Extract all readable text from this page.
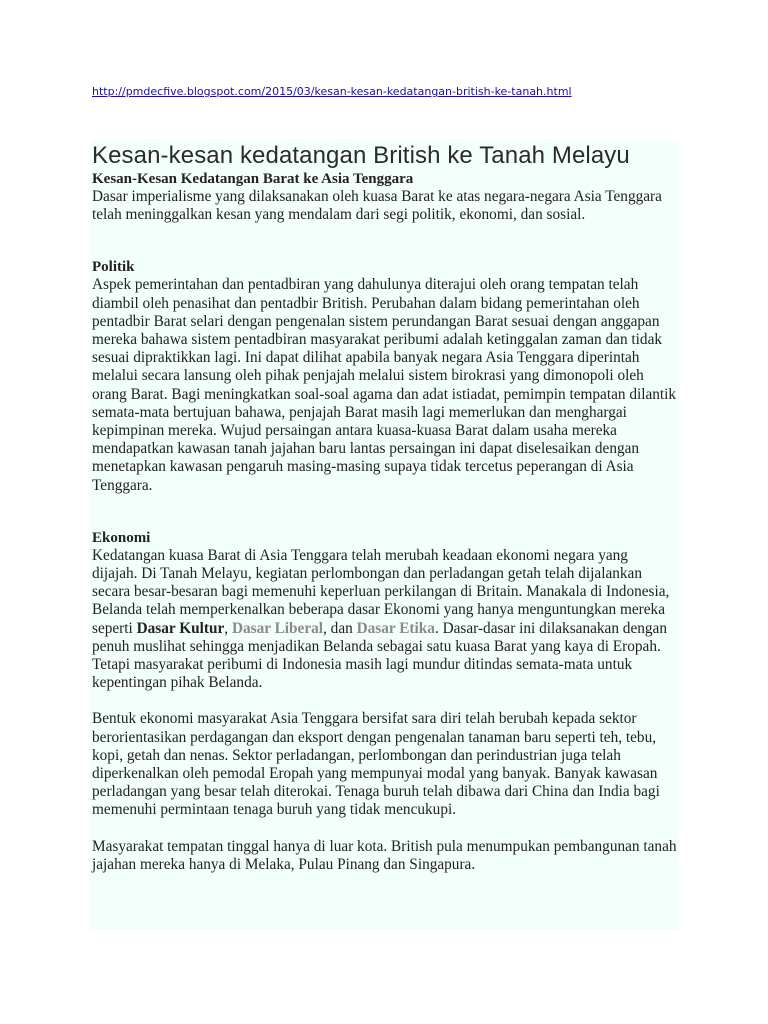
http://pmdecfive.blogspot.com/2015/03/kesan-kesan-kedatangan-british-ke-tanah.html
Kesan-kesan kedatangan British ke Tanah Melayu

Kesan-Kesan Kedatangan Barat ke Asia Tenggara

Dasar imperialisme yang dilaksanakan oleh kuasa Barat ke atas negara-negara Asia Tenggara telah meninggalkan kesan yang mendalam dari segi politik, ekonomi, dan sosial.

Politik

Aspek pemerintahan dan pentadbiran yang dahulunya diterajui oleh orang tempatan telah diambil oleh penasihat dan pentadbir British. Perubahan dalam bidang pemerintahan oleh pentadbir Barat selari dengan pengenalan sistem perundangan Barat sesuai dengan anggapan mereka bahawa sistem pentadbiran masyarakat peribumi adalah ketinggalan zaman dan tidak sesuai dipraktikkan lagi. Ini dapat dilihat apabila banyak negara Asia Tenggara diperintah melalui secara lansung oleh pihak penjajah melalui sistem birokrasi yang dimonopoli oleh orang Barat. Bagi meningkatkan soal-soal agama dan adat istiadat, pemimpin tempatan dilantik semata-mata bertujuan bahawa, penjajah Barat masih lagi memerlukan dan menghargai kepimpinan mereka. Wujud persaingan antara kuasa-kuasa Barat dalam usaha mereka mendapatkan kawasan tanah jajahan baru lantas persaingan ini dapat diselesaikan dengan menetapkan kawasan pengaruh masing-masing supaya tidak tercetus peperangan di Asia Tenggara.

Ekonomi

Kedatangan kuasa Barat di Asia Tenggara telah merubah keadaan ekonomi negara yang dijajah. Di Tanah Melayu, kegiatan perlombongan dan perladangan getah telah dijalankan secara besar-besaran bagi memenuhi keperluan perkilangan di Britain. Manakala di Indonesia, Belanda telah memperkenalkan beberapa dasar Ekonomi yang hanya menguntungkan mereka seperti Dasar Kultur, Dasar Liberal, dan Dasar Etika. Dasar-dasar ini dilaksanakan dengan penuh muslihat sehingga menjadikan Belanda sebagai satu kuasa Barat yang kaya di Eropah. Tetapi masyarakat peribumi di Indonesia masih lagi mundur ditindas semata-mata untuk kepentingan pihak Belanda.

Bentuk ekonomi masyarakat Asia Tenggara bersifat sara diri telah berubah kepada sektor berorientasikan perdagangan dan eksport dengan pengenalan tanaman baru seperti teh, tebu, kopi, getah dan nenas. Sektor perladangan, perlombongan dan perindustrian juga telah diperkenalkan oleh pemodal Eropah yang mempunyai modal yang banyak. Banyak kawasan perladangan yang besar telah diterokai. Tenaga buruh telah dibawa dari China dan India bagi memenuhi permintaan tenaga buruh yang tidak mencukupi.

Masyarakat tempatan tinggal hanya di luar kota. British pula menumpukan pembangunan tanah jajahan mereka hanya di Melaka, Pulau Pinang dan Singapura.
